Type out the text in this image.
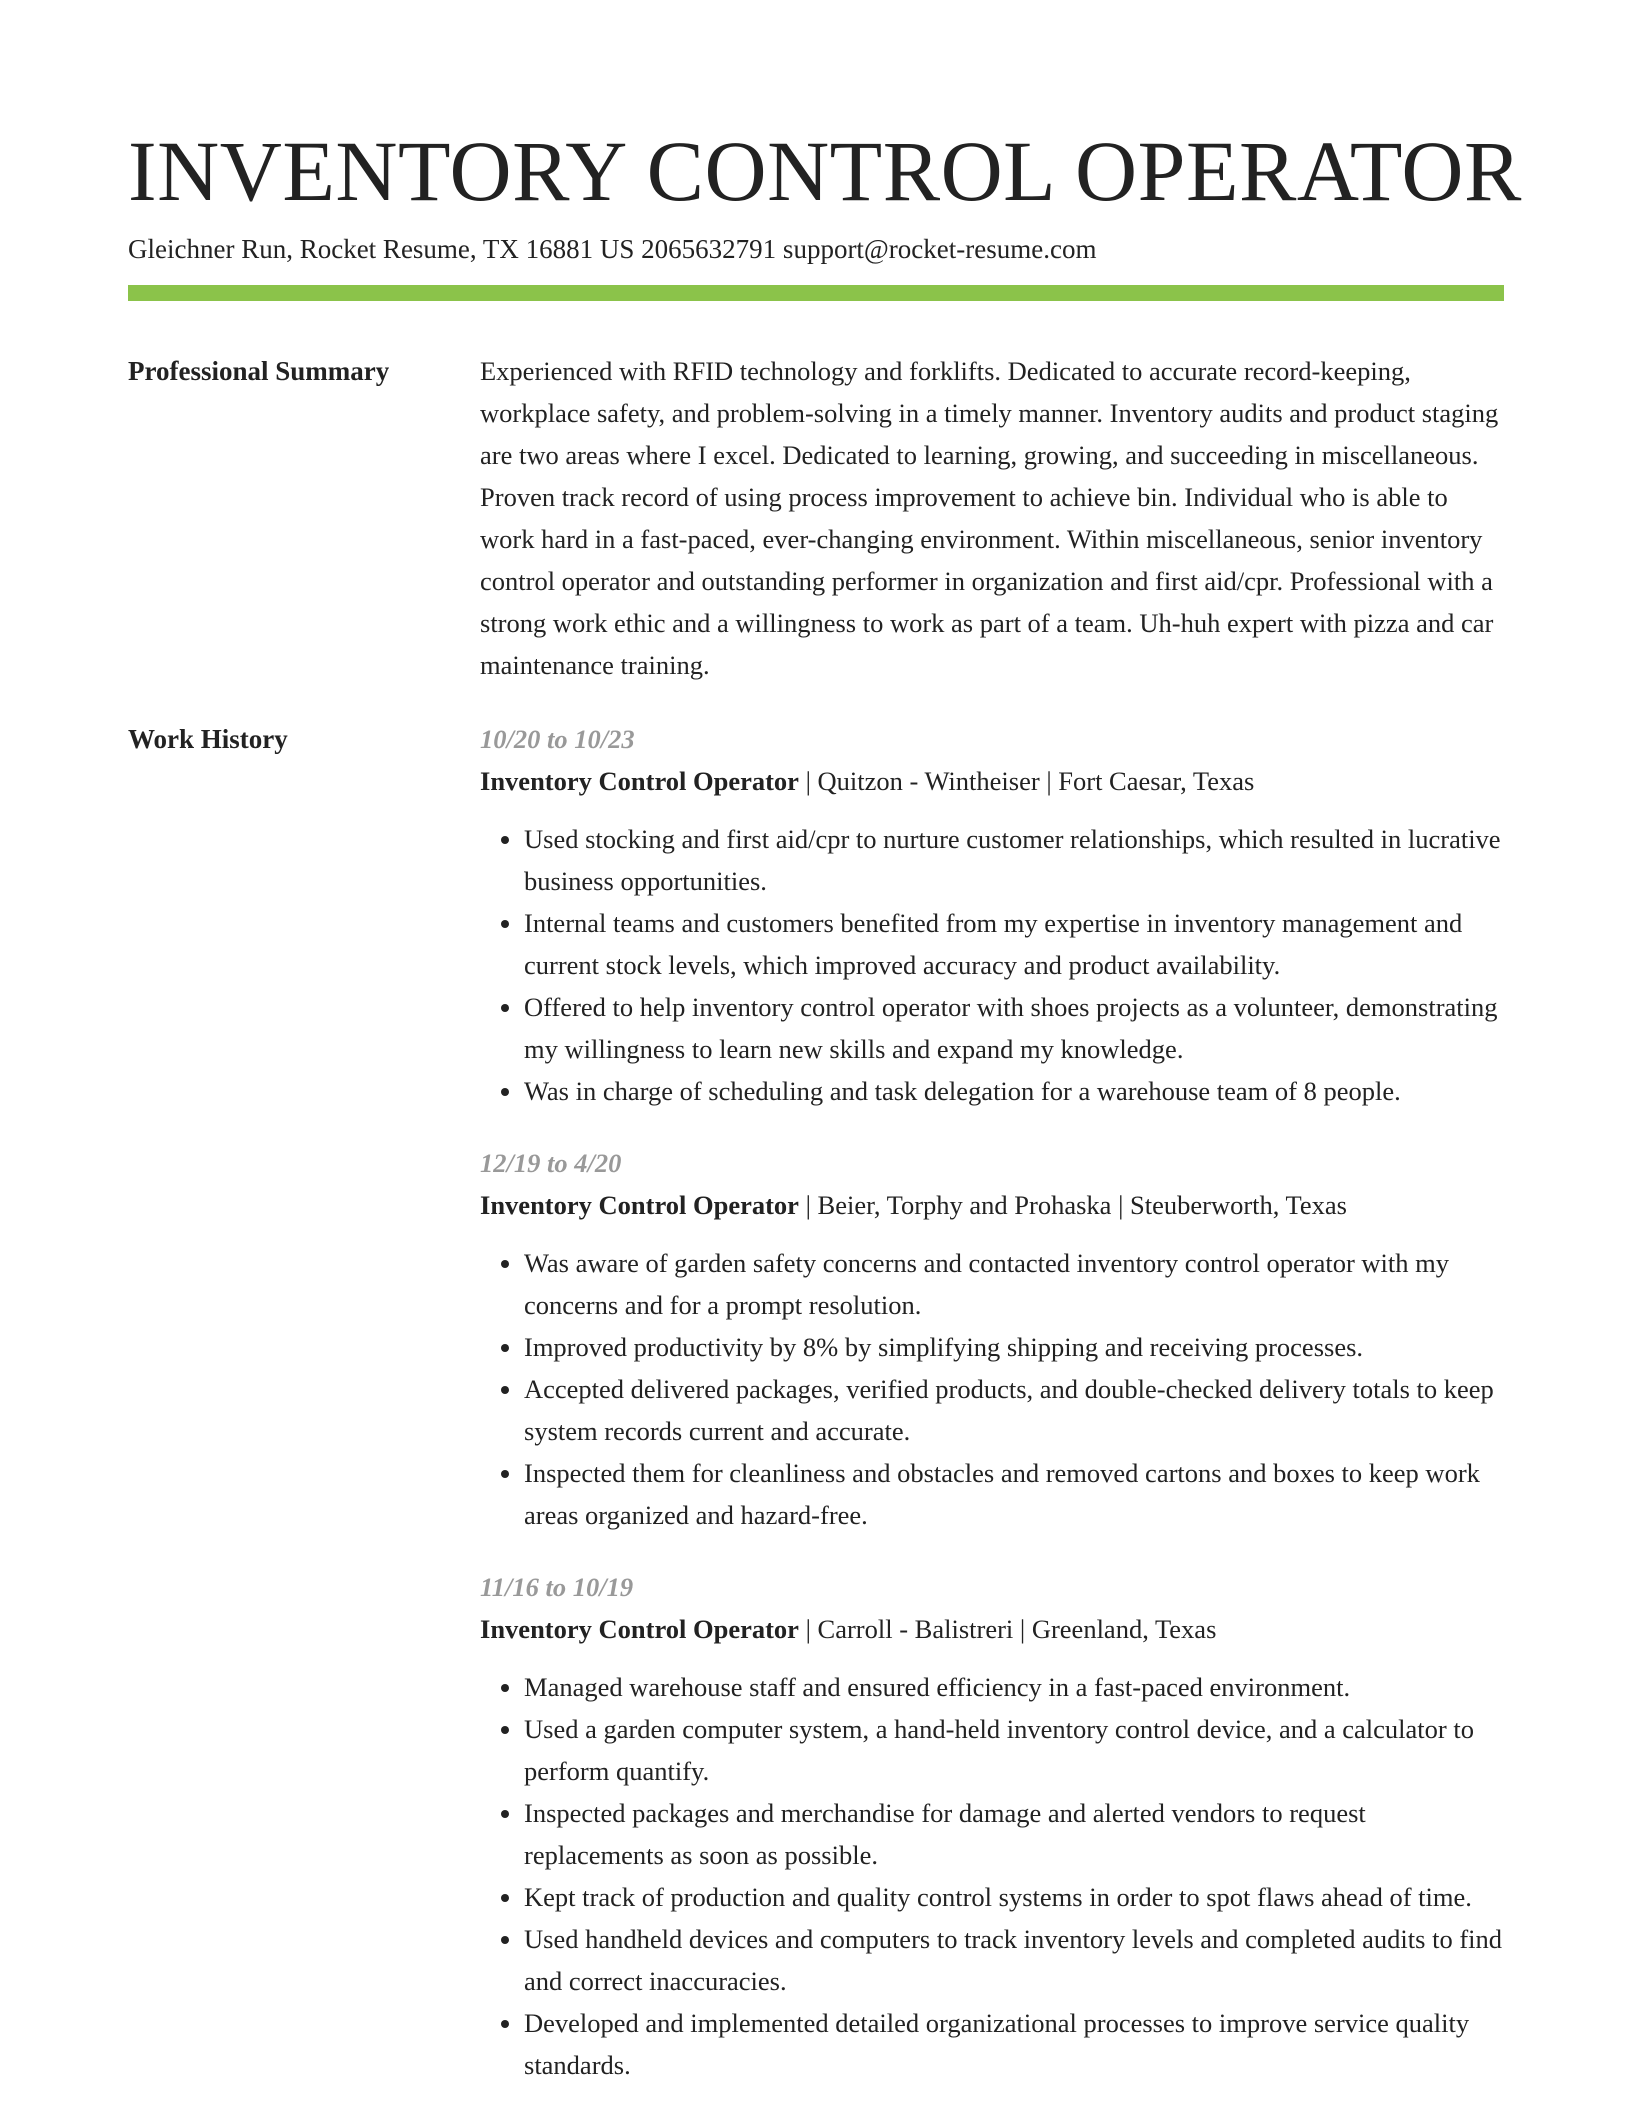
INVENTORY CONTROL OPERATOR
Gleichner Run, Rocket Resume, TX 16881 US 2065632791 support@rocket-resume.com
Professional Summary	Experienced with RFID technology and forklifts. Dedicated to accurate record-keeping, workplace safety, and problem-solving in a timely manner. Inventory audits and product staging are two areas where I excel. Dedicated to learning, growing, and succeeding in miscellaneous. Proven track record of using process improvement to achieve bin. Individual who is able to work hard in a fast-paced, ever-changing environment. Within miscellaneous, senior inventory control operator and outstanding performer in organization and first aid/cpr. Professional with a strong work ethic and a willingness to work as part of a team. Uh-huh expert with pizza and car maintenance training.

Work History	10/20 to 10/23
Inventory Control Operator | Quitzon - Wintheiser | Fort Caesar, Texas
• Used stocking and first aid/cpr to nurture customer relationships, which resulted in lucrative business opportunities.
• Internal teams and customers benefited from my expertise in inventory management and current stock levels, which improved accuracy and product availability.
• Offered to help inventory control operator with shoes projects as a volunteer, demonstrating my willingness to learn new skills and expand my knowledge.
• Was in charge of scheduling and task delegation for a warehouse team of 8 people.
12/19 to 4/20
Inventory Control Operator | Beier, Torphy and Prohaska | Steuberworth, Texas
• Was aware of garden safety concerns and contacted inventory control operator with my concerns and for a prompt resolution.
• Improved productivity by 8% by simplifying shipping and receiving processes.
• Accepted delivered packages, verified products, and double-checked delivery totals to keep system records current and accurate.
• Inspected them for cleanliness and obstacles and removed cartons and boxes to keep work areas organized and hazard-free.
11/16 to 10/19
Inventory Control Operator | Carroll - Balistreri | Greenland, Texas
• Managed warehouse staff and ensured efficiency in a fast-paced environment.
• Used a garden computer system, a hand-held inventory control device, and a calculator to perform quantify.
• Inspected packages and merchandise for damage and alerted vendors to request replacements as soon as possible.
• Kept track of production and quality control systems in order to spot flaws ahead of time.
• Used handheld devices and computers to track inventory levels and completed audits to find and correct inaccuracies.
• Developed and implemented detailed organizational processes to improve service quality standards.
